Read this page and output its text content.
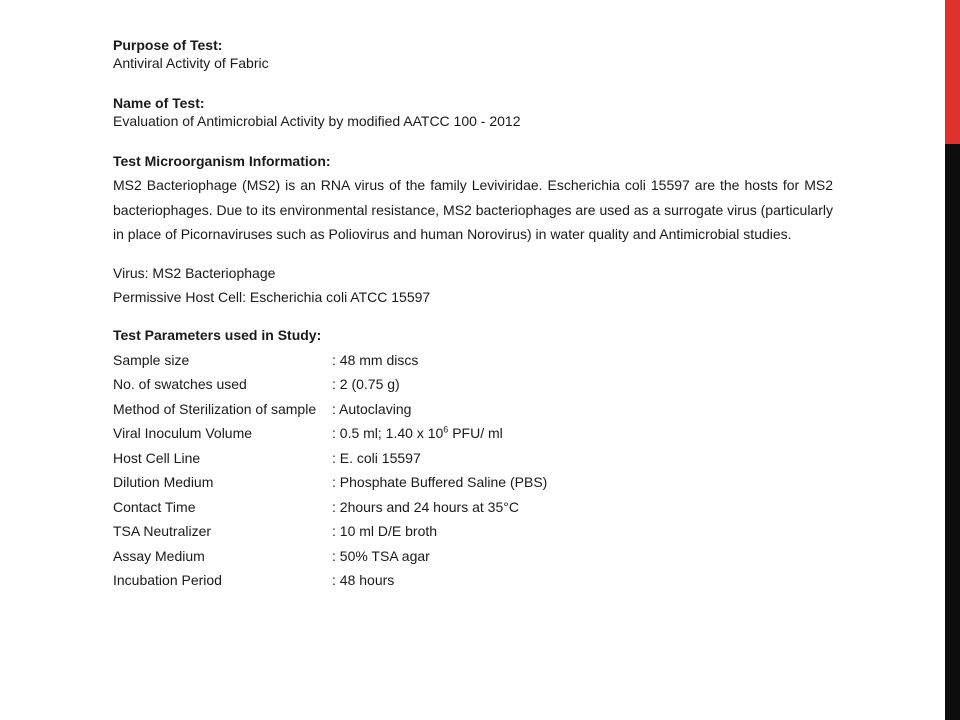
Purpose of Test:

Antiviral Activity of Fabric

Name of Test:

Evaluation of Antimicrobial Activity by modified AATCC 100 - 2012

Test Microorganism Information:

MS2 Bacteriophage (MS2) is an RNA virus of the family Leviviridae. Escherichia coli 15597 are the hosts for MS2 bacteriophages. Due to its environmental resistance, MS2 bacteriophages are used as a surrogate virus (particularly in place of Picornaviruses such as Poliovirus and human Norovirus) in water quality and Antimicrobial studies.

Virus: MS2 Bacteriophage

Permissive Host Cell: Escherichia coli ATCC 15597

Test Parameters used in Study:

Sample size	: 48 mm discs
No. of swatches used	: 2 (0.75 g)
Method of Sterilization of sample	: Autoclaving
Viral Inoculum Volume	: 0.5 ml; 1.40 x $10^6$ PFU/ ml
Host Cell Line	: E. coli 15597
Dilution Medium	: Phosphate Buffered Saline (PBS)
Contact Time	: 2hours and 24 hours at 35°C
TSA Neutralizer	: 10 ml D/E broth
Assay Medium	: 50% TSA agar
Incubation Period	: 48 hours
